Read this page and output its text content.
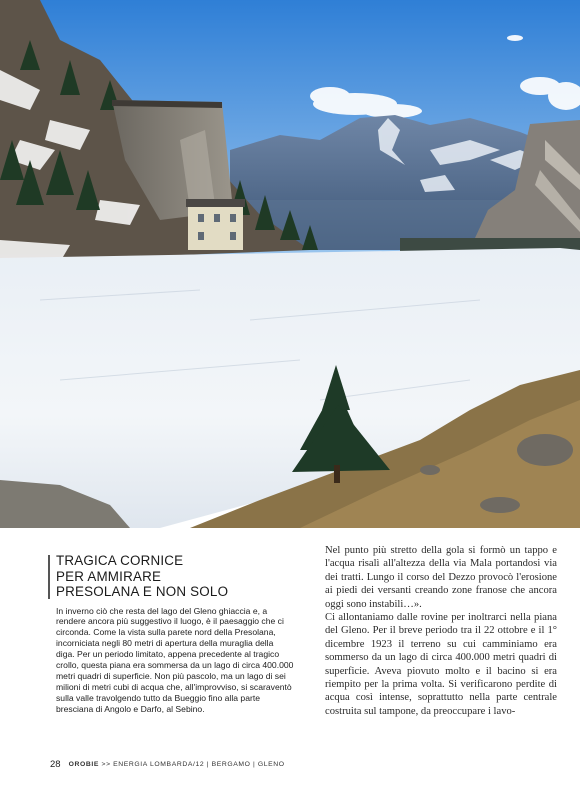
TRAGICA CORNICE
PER AMMIRARE
PRESOLANA E NON SOLO
In inverno ciò che resta del lago del Gleno ghiaccia e, a rendere ancora più suggestivo il luogo, è il paesaggio che ci circonda. Come la vista sulla parete nord della Presolana, incorniciata negli 80 metri di apertura della muraglia della diga. Per un periodo limitato, appena precedente al tragico crollo, questa piana era sommersa da un lago di circa 400.000 metri quadri di superficie. Non più pascolo, ma un lago di sei milioni di metri cubi di acqua che, all'improvviso, si scaraventò sulla valle travolgendo tutto da Bueggio fino alla parte bresciana di Angolo e Darfo, al Sebino.

Nel punto più stretto della gola si formò un tappo e l'acqua risalì all'altezza della via Mala portandosi via dei tratti. Lungo il corso del Dezzo provocò l'erosione ai piedi dei versanti creando zone franose che ancora oggi sono instabili…».

Ci allontaniamo dalle rovine per inoltrarci nella piana del Gleno. Per il breve periodo tra il 22 ottobre e il 1° dicembre 1923 il terreno su cui camminiamo era sommerso da un lago di circa 400.000 metri quadri di superficie. Aveva piovuto molto e il bacino si era riempito per la prima volta. Si verificarono perdite di acqua così intense, soprattutto nella parte centrale costruita sul tampone, da preoccupare i lavo-

28 OROBIE >> ENERGIA LOMBARDA/12 | BERGAMO | GLENO
